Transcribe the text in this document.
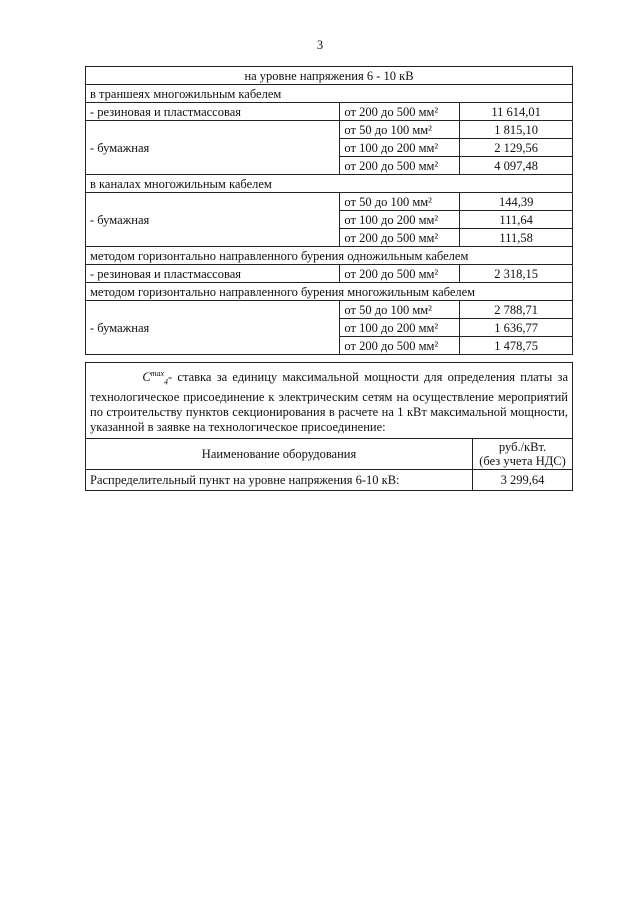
3
на уровне напряжения 6 - 10 кВ		
в траншеях многожильным кабелем		
- резиновая и пластмассовая	от 200 до 500 мм²	11 614,01
- бумажная	от 50 до 100 мм²	1 815,10
	от 100 до 200 мм²	2 129,56
	от 200 до 500 мм²	4 097,48
в каналах многожильным кабелем		
- бумажная	от 50 до 100 мм²	144,39
	от 100 до 200 мм²	111,64
	от 200 до 500 мм²	111,58
методом горизонтально направленного бурения одножильным кабелем		
- резиновая и пластмассовая	от 200 до 500 мм²	2 318,15
методом горизонтально направленного бурения многожильным кабелем		
- бумажная	от 50 до 100 мм²	2 788,71
	от 100 до 200 мм²	1 636,77
	от 200 до 500 мм²	1 478,75
$C^{max}_4-$ ставка за единицу максимальной мощности для определения платы за технологическое присоединение к электрическим сетям на осуществление мероприятий по строительству пунктов секционирования в расчете на 1 кВт максимальной мощности, указанной в заявке на технологическое присоединение:	
Наименование оборудования	руб./кВт.
(без учета НДС)

Распределительный пункт на уровне напряжения 6-10 кВ:	3 299,64
